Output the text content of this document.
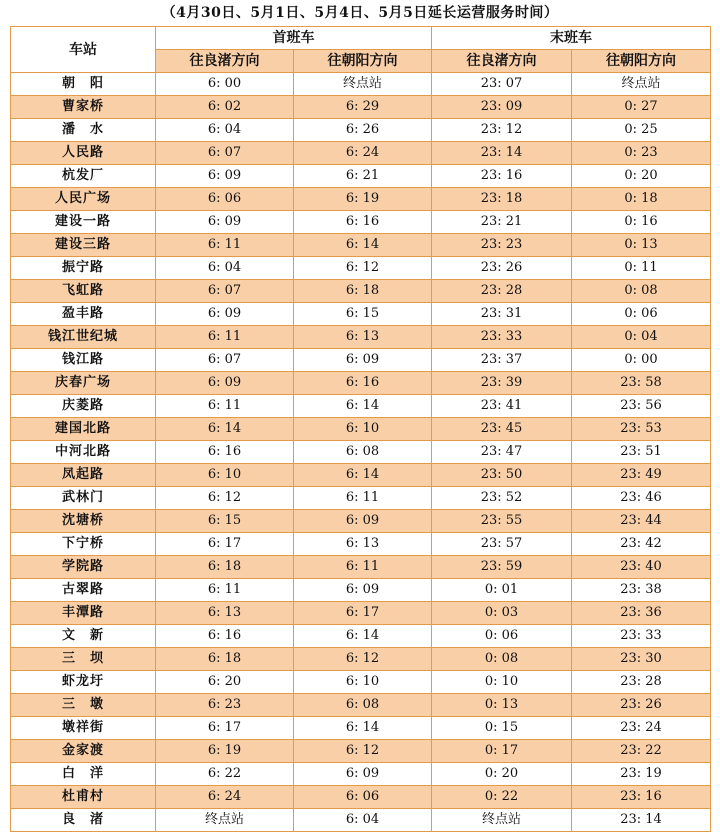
（4月30日、5月1日、5月4日、5月5日延长运营服务时间）
车站	首班车		末班车	
	往良渚方向	往朝阳方向	往良渚方向	往朝阳方向
朝　阳	6: 00	终点站	23: 07	终点站
曹家桥	6: 02	6: 29	23: 09	0: 27
潘　水	6: 04	6: 26	23: 12	0: 25
人民路	6: 07	6: 24	23: 14	0: 23
杭发厂	6: 09	6: 21	23: 16	0: 20
人民广场	6: 06	6: 19	23: 18	0: 18
建设一路	6: 09	6: 16	23: 21	0: 16
建设三路	6: 11	6: 14	23: 23	0: 13
振宁路	6: 04	6: 12	23: 26	0: 11
飞虹路	6: 07	6: 18	23: 28	0: 08
盈丰路	6: 09	6: 15	23: 31	0: 06
钱江世纪城	6: 11	6: 13	23: 33	0: 04
钱江路	6: 07	6: 09	23: 37	0: 00
庆春广场	6: 09	6: 16	23: 39	23: 58
庆菱路	6: 11	6: 14	23: 41	23: 56
建国北路	6: 14	6: 10	23: 45	23: 53
中河北路	6: 16	6: 08	23: 47	23: 51
凤起路	6: 10	6: 14	23: 50	23: 49
武林门	6: 12	6: 11	23: 52	23: 46
沈塘桥	6: 15	6: 09	23: 55	23: 44
下宁桥	6: 17	6: 13	23: 57	23: 42
学院路	6: 18	6: 11	23: 59	23: 40
古翠路	6: 11	6: 09	0: 01	23: 38
丰潭路	6: 13	6: 17	0: 03	23: 36
文　新	6: 16	6: 14	0: 06	23: 33
三　坝	6: 18	6: 12	0: 08	23: 30
虾龙圩	6: 20	6: 10	0: 10	23: 28
三　墩	6: 23	6: 08	0: 13	23: 26
墩祥街	6: 17	6: 14	0: 15	23: 24
金家渡	6: 19	6: 12	0: 17	23: 22
白　洋	6: 22	6: 09	0: 20	23: 19
杜甫村	6: 24	6: 06	0: 22	23: 16
良　渚	终点站	6: 04	终点站	23: 14
